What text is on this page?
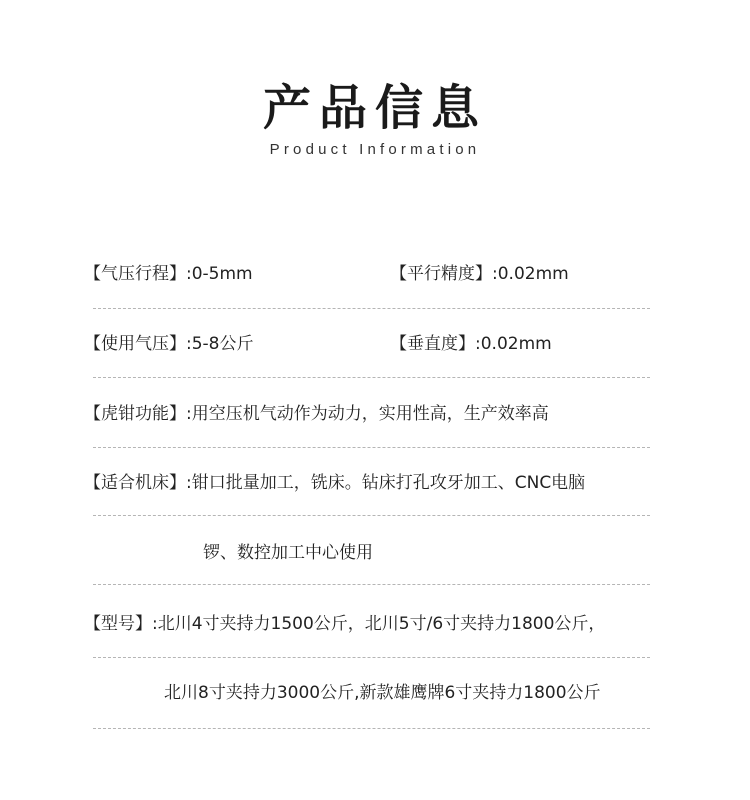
产品信息
Product Information
【气压行程】:0-5mm	【平行精度】:0.02mm
【使用气压】:5-8公斤	【垂直度】:0.02mm
【虎钳功能】:用空压机气动作为动力，实用性高，生产效率高
【适合机床】:钳口批量加工，铣床。钻床打孔攻牙加工、CNC电脑
锣、数控加工中心使用
【型号】:北川4寸夹持力1500公斤，北川5寸/6寸夹持力1800公斤，
北川8寸夹持力3000公斤,新款雄鹰牌6寸夹持力1800公斤
